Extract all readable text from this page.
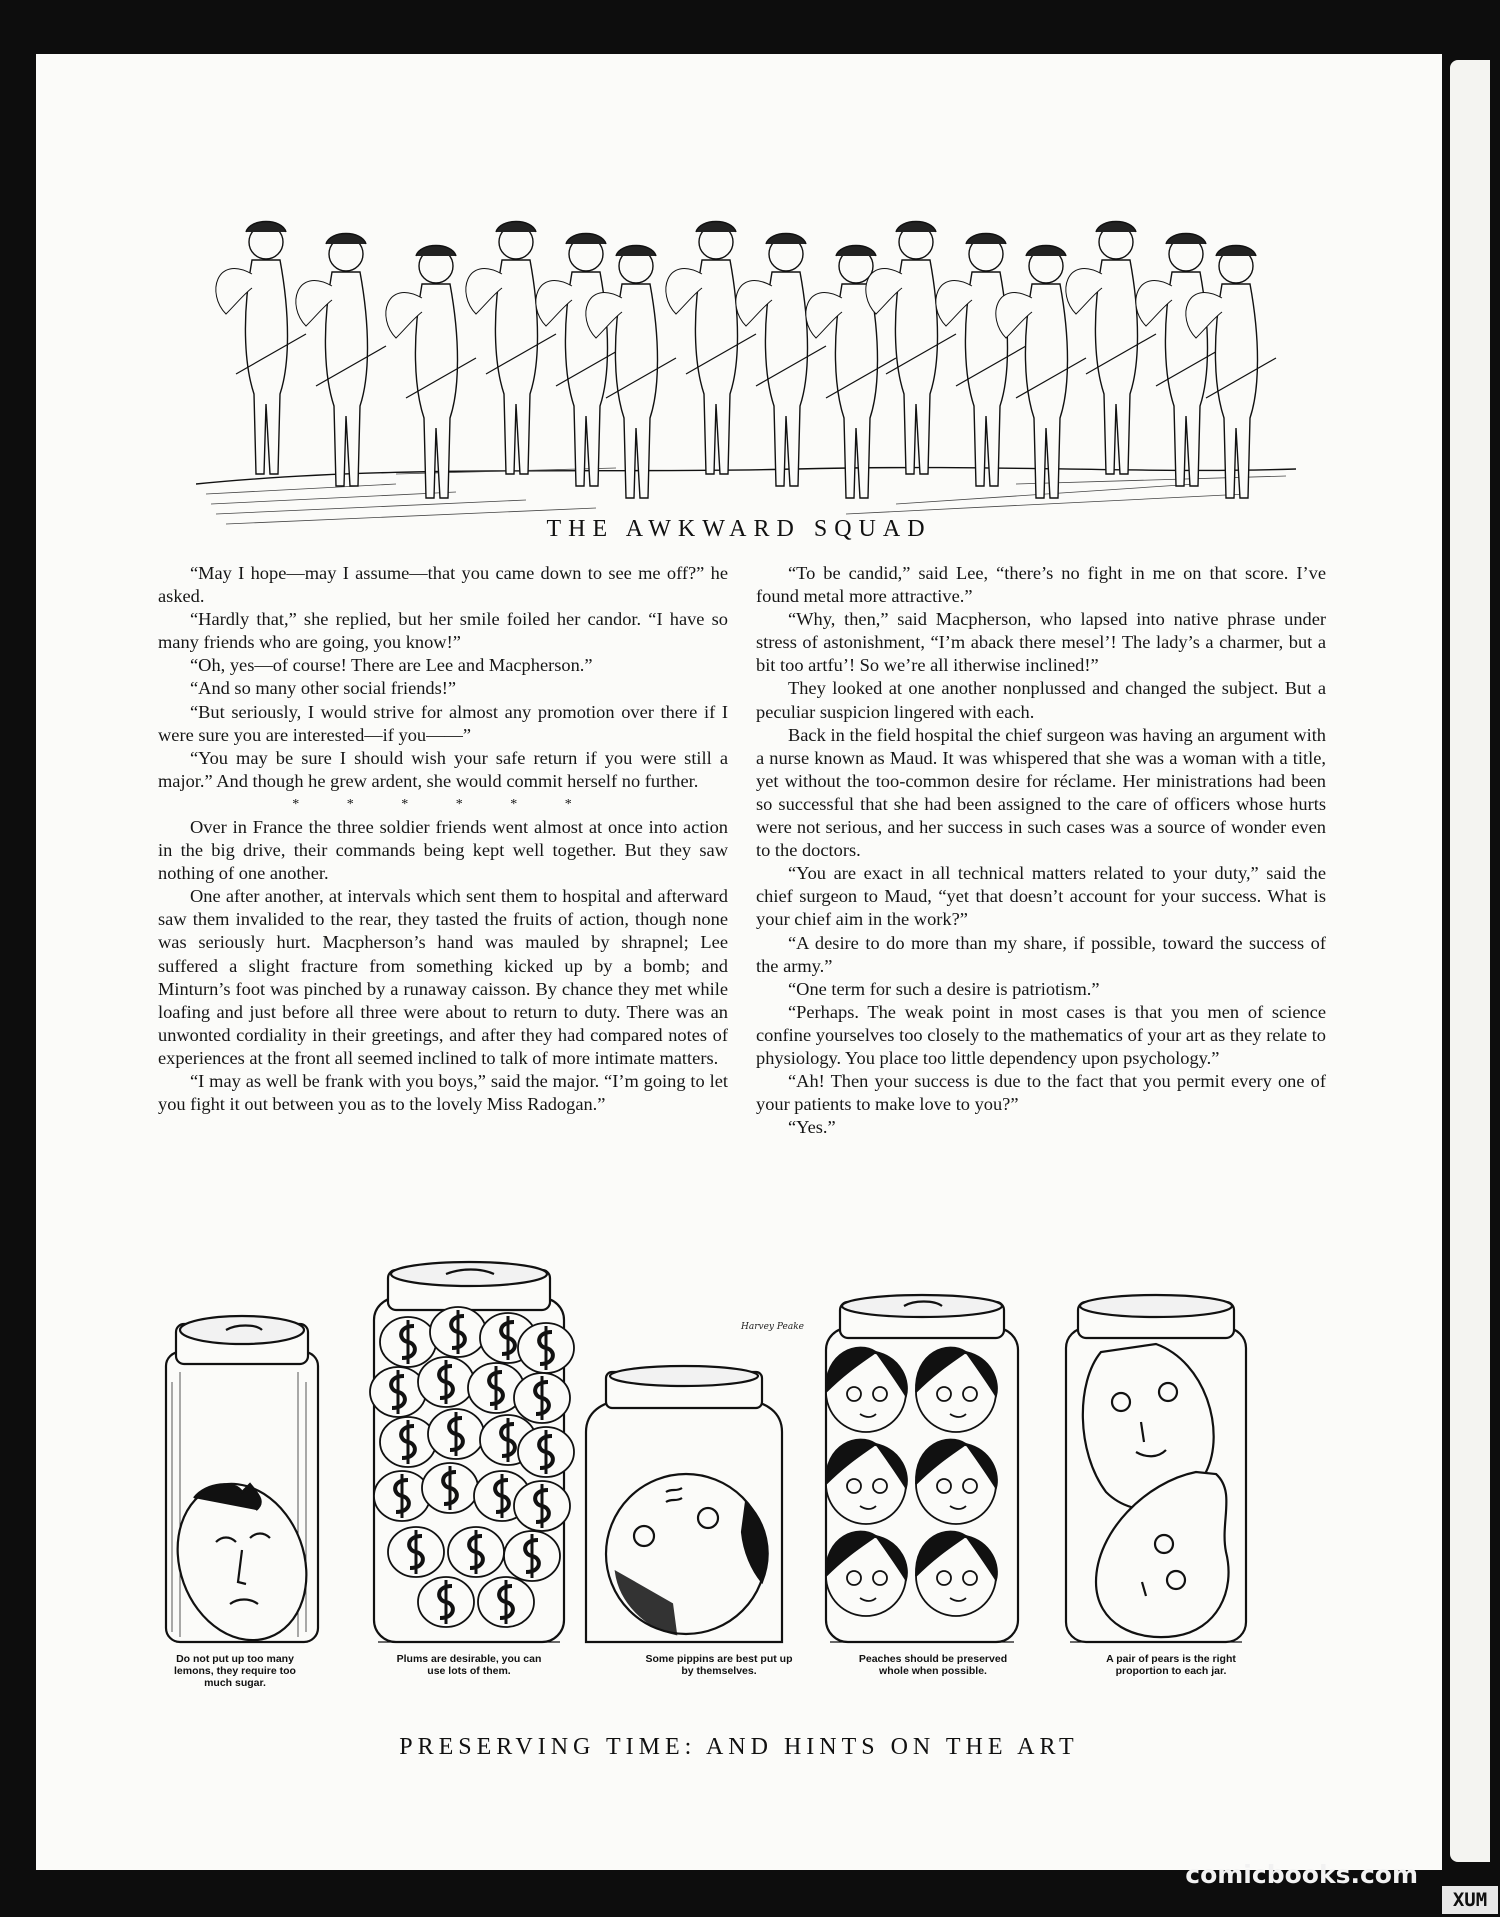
THE AWKWARD SQUAD

“May I hope—may I assume—that you came down to see me off?” he asked.

“Hardly that,” she replied, but her smile foiled her candor. “I have so many friends who are going, you know!”

“Oh, yes—of course! There are Lee and Macpherson.”

“And so many other social friends!”

“But seriously, I would strive for almost any promotion over there if I were sure you are interested—if you——”

“You may be sure I should wish your safe return if you were still a major.” And though he grew ardent, she would commit herself no further.

* * * * * *

Over in France the three soldier friends went almost at once into action in the big drive, their commands being kept well together. But they saw nothing of one another.

One after another, at intervals which sent them to hospital and afterward saw them invalided to the rear, they tasted the fruits of action, though none was seriously hurt. Macpherson’s hand was mauled by shrapnel; Lee suffered a slight fracture from something kicked up by a bomb; and Minturn’s foot was pinched by a runaway caisson. By chance they met while loafing and just before all three were about to return to duty. There was an unwonted cordiality in their greetings, and after they had compared notes of experiences at the front all seemed inclined to talk of more intimate matters.

“I may as well be frank with you boys,” said the major. “I’m going to let you fight it out between you as to the lovely Miss Radogan.”

“To be candid,” said Lee, “there’s no fight in me on that score. I’ve found metal more attractive.”

“Why, then,” said Macpherson, who lapsed into native phrase under stress of astonishment, “I’m aback there mesel’! The lady’s a charmer, but a bit too artfu’! So we’re all itherwise inclined!”

They looked at one another nonplussed and changed the subject. But a peculiar suspicion lingered with each.

Back in the field hospital the chief surgeon was having an argument with a nurse known as Maud. It was whispered that she was a woman with a title, yet without the too-common desire for réclame. Her ministrations had been so successful that she had been assigned to the care of officers whose hurts were not serious, and her success in such cases was a source of wonder even to the doctors.

“You are exact in all technical matters related to your duty,” said the chief surgeon to Maud, “yet that doesn’t account for your success. What is your chief aim in the work?”

“A desire to do more than my share, if possible, toward the success of the army.”

“One term for such a desire is patriotism.”

“Perhaps. The weak point in most cases is that you men of science confine yourselves too closely to the mathematics of your art as they relate to physiology. You place too little dependency upon psychology.”

“Ah! Then your success is due to the fact that you permit every one of your patients to make love to you?”

“Yes.”

Harvey Peake
Do not put up too many lemons, they require too much sugar.
Plums are desirable, you can use lots of them.
Some pippins are best put up by themselves.
Peaches should be preserved whole when possible.
A pair of pears is the right proportion to each jar.
PRESERVING TIME: AND HINTS ON THE ART
comicbooks.com
XUM
